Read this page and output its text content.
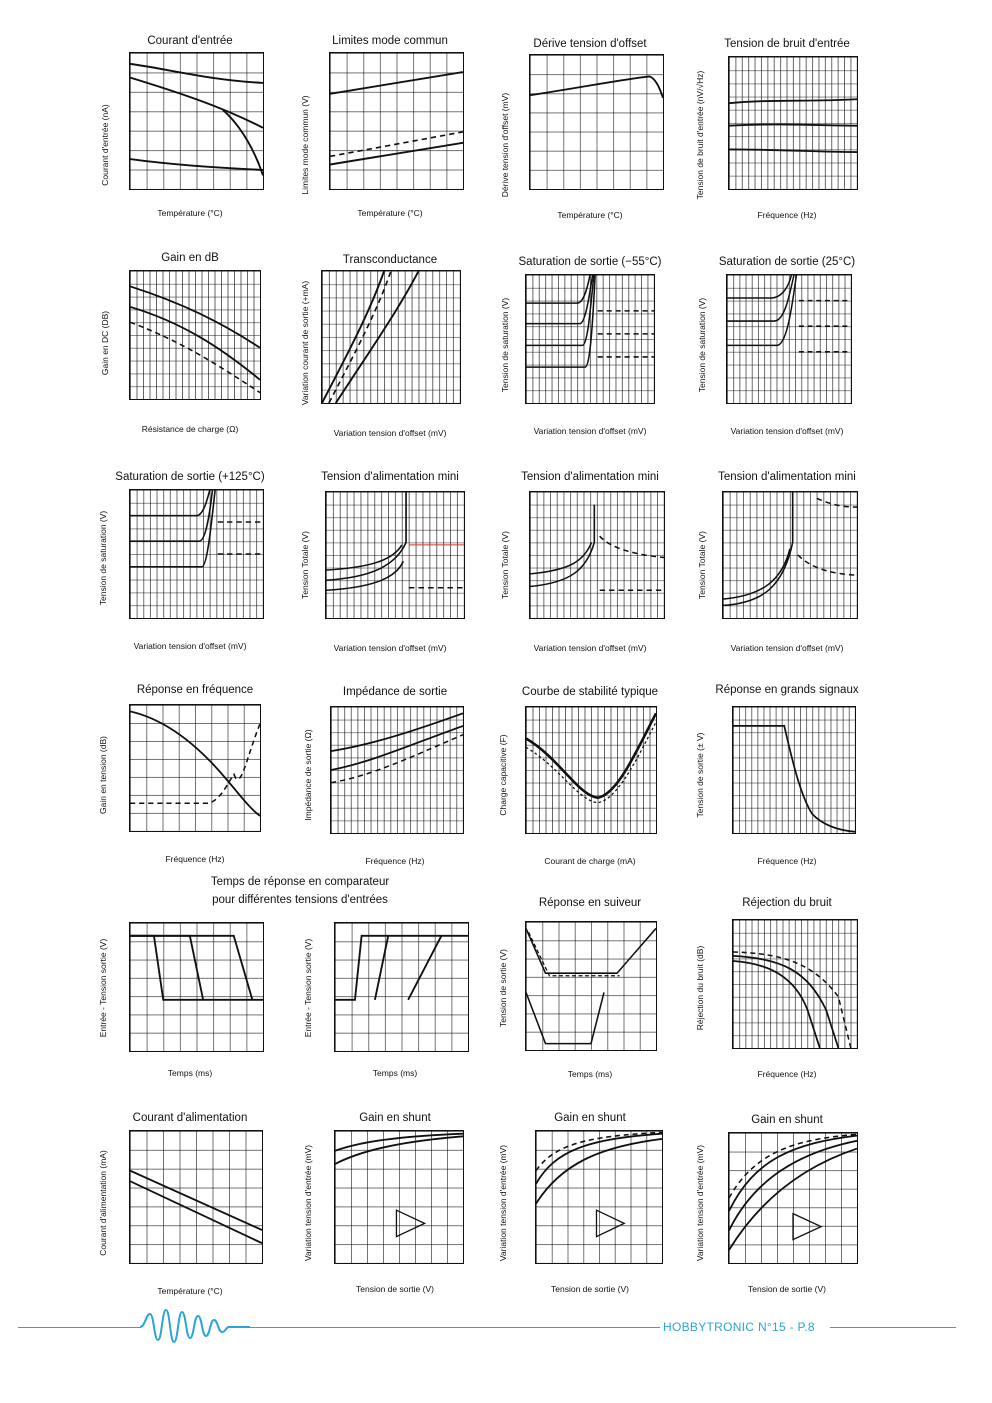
Courant d'entrée
Courant d'entrée (nA)
Température (°C)
Limites mode commun
Limites mode commun (V)
Température (°C)
Dérive tension d'offset
Dérive tension d'offset (mV)
Température (°C)
Tension de bruit d'entrée
Tension de bruit d'entrée (nV/√Hz)
Fréquence (Hz)
Gain en dB
Gain en DC (DB)
Résistance de charge (Ω)
Transconductance
Variation courant de sortie (+mA)
Variation tension d'offset (mV)
Saturation de sortie (−55°C)
Tension de saturation (V)
Variation tension d'offset (mV)
Saturation de sortie (25°C)
Tension de saturation (V)
Variation tension d'offset (mV)
Saturation de sortie (+125°C)
Tension de saturation (V)
Variation tension d'offset (mV)
Tension d'alimentation mini
Tension Totale (V)
Variation tension d'offset (mV)
Tension d'alimentation mini
Tension Totale (V)
Variation tension d'offset (mV)
Tension d'alimentation mini
Tension Totale (V)
Variation tension d'offset (mV)
Réponse en fréquence
Gain en tension (dB)
Fréquence (Hz)
Impédance de sortie
Impédance de sortie (Ω)
Fréquence (Hz)
Courbe de stabilité typique
Charge capacitive (F)
Courant de charge (mA)
Réponse en grands signaux
Tension de sortie (± V)
Fréquence (Hz)
Temps de réponse en comparateur
pour différentes tensions d'entrées
Entrée - Tension sortie (V)
Temps (ms)
Entrée - Tension sortie (V)
Temps (ms)
Réponse en suiveur
Tension de sortie (V)
Temps (ms)
Réjection du bruit
Réjection du bruit (dB)
Fréquence (Hz)
Courant d'alimentation
Courant d'alimentation (mA)
Température (°C)
Gain en shunt
Variation tension d'entrée (mV)
Tension de sortie (V)
Gain en shunt
Variation tension d'entrée (mV)
Tension de sortie (V)
Gain en shunt
Variation tension d'entrée (mV)
Tension de sortie (V)
HOBBYTRONIC N°15 - P.8
